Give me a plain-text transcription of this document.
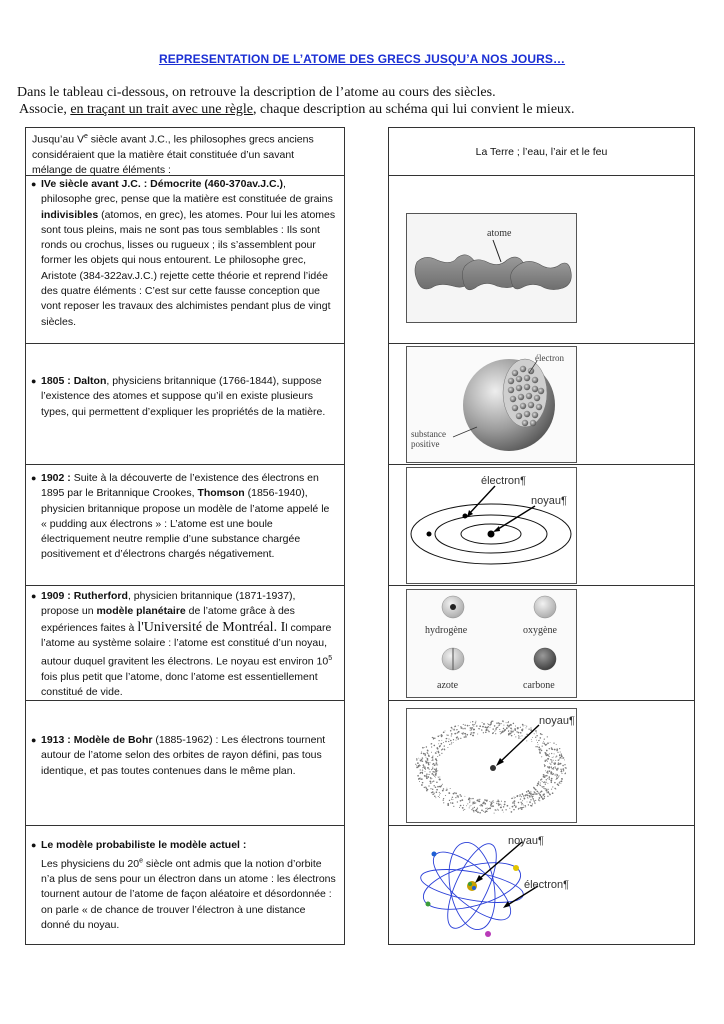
REPRESENTATION DE L’ATOME DES GRECS JUSQU’A NOS JOURS…
Dans le tableau ci-dessous, on retrouve la description de l’atome au cours des siècles.
Associe, en traçant un trait avec une règle, chaque description au schéma qui lui convient le mieux.
Jusqu’au Ve siècle avant J.C., les philosophes grecs anciens considéraient que la matière était constituée d’un savant mélange de quatre éléments :
● IVe siècle avant J.C. : Démocrite (460-370av.J.C.), philosophe grec, pense que la matière est constituée de grains indivisibles (atomos, en grec), les atomes. Pour lui les atomes sont tous pleins, mais ne sont pas tous semblables : Ils sont ronds ou crochus, lisses ou rugueux ; ils s’assemblent pour former les objets qui nous entourent. Le philosophe grec, Aristote (384-322av.J.C.) rejette cette théorie et reprend l’idée des quatre éléments : C’est sur cette fausse conception que vont reposer les travaux des alchimistes pendant plus de vingt siècles.
● 1805 : Dalton, physiciens britannique (1766-1844), suppose l’existence des atomes et suppose qu’il en existe plusieurs types, qui permettent d’expliquer les propriétés de la matière.
● 1902 : Suite à la découverte de l’existence des électrons en 1895 par le Britannique Crookes, Thomson (1856-1940), physicien britannique propose un modèle de l’atome appelé le « pudding aux électrons » : L’atome est une boule électriquement neutre remplie d’une substance chargée positivement et d’électrons chargés négativement.
● 1909 : Rutherford, physicien britannique (1871-1937), propose un modèle planétaire de l’atome grâce à des expériences faites à l'Université de Montréal. Il compare l’atome au système solaire : l’atome est constitué d’un noyau, autour duquel gravitent les électrons. Le noyau est environ $10^5$ fois plus petit que l’atome, donc l’atome est essentiellement constitué de vide.
● 1913 : Modèle de Bohr (1885-1962) : Les électrons tournent autour de l’atome selon des orbites de rayon défini, pas tous identique, et pas toutes contenues dans le même plan.
● Le modèle probabiliste le modèle actuel :
Les physiciens du 20e siècle ont admis que la notion d’orbite n’a plus de sens pour un électron dans un atome : les électrons tournent autour de l’atome de façon aléatoire et désordonnée : on parle « de chance de trouver l’électron à une distance donné du noyau.
La Terre ; l’eau, l’air et le feu
atome
électron
substance
positive
électron¶
noyau¶
hydrogène	oxygène
azote	carbone
noyau¶
noyau¶
électron¶
